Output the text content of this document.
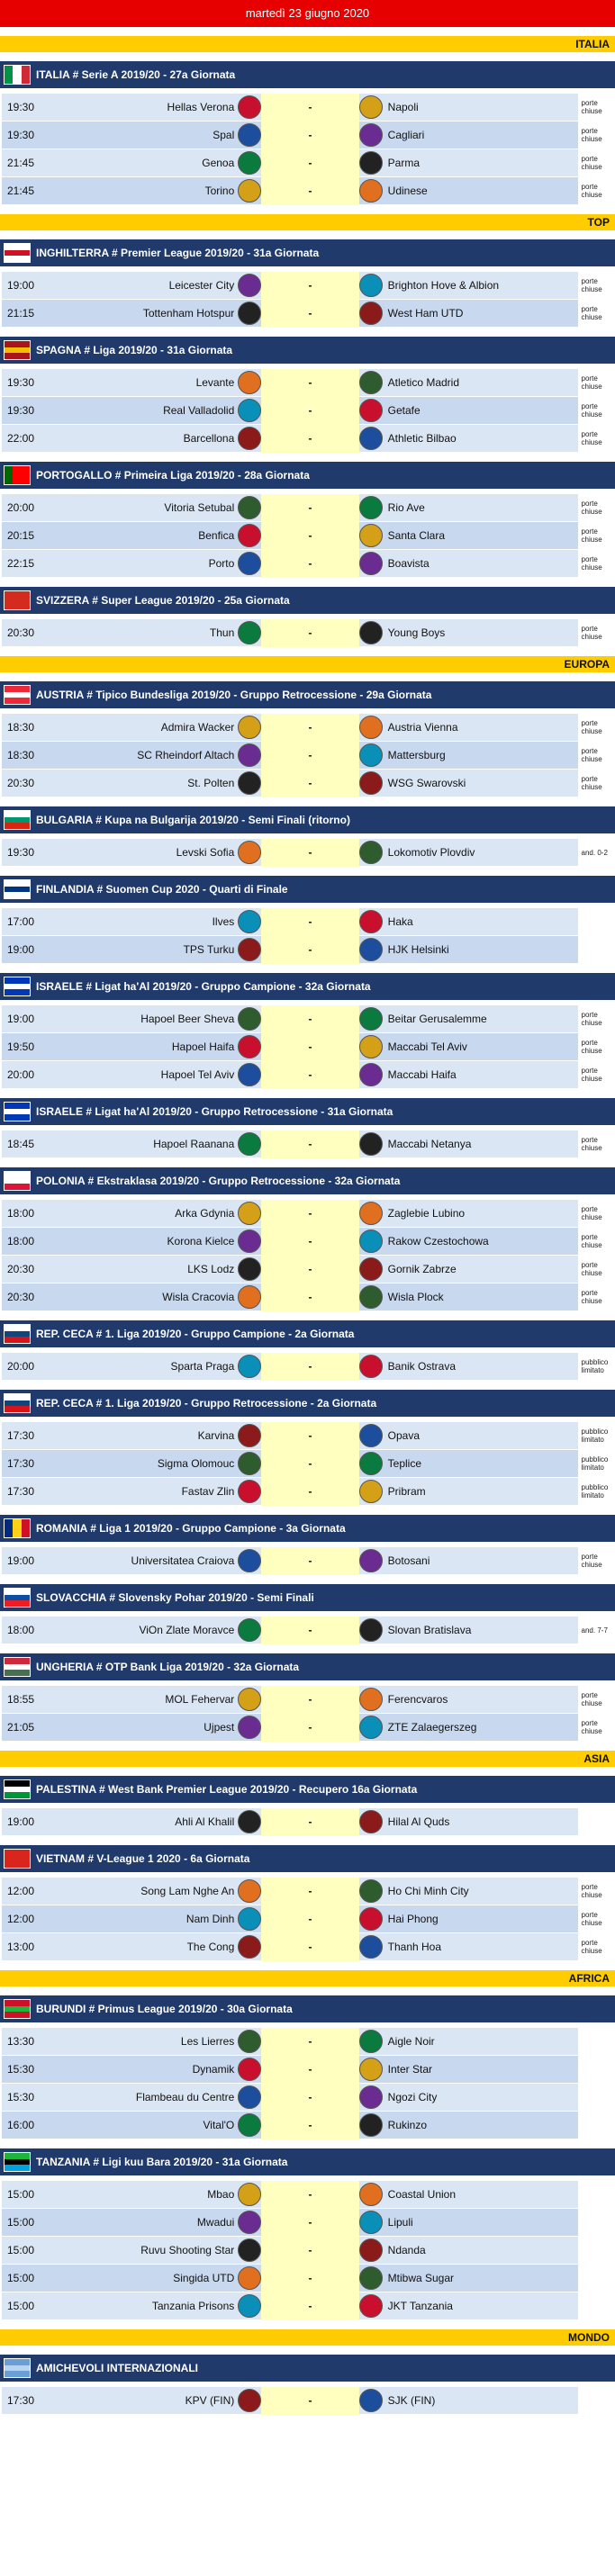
martedì 23 giugno 2020
ITALIA
ITALIA # Serie A 2019/20 - 27a Giornata
19:30	Hellas Verona	-	Napoli	porte chiuse
19:30	Spal	-	Cagliari	porte chiuse
21:45	Genoa	-	Parma	porte chiuse
21:45	Torino	-	Udinese	porte chiuse
TOP
INGHILTERRA # Premier League 2019/20 - 31a Giornata
19:00	Leicester City	-	Brighton Hove & Albion	porte chiuse
21:15	Tottenham Hotspur	-	West Ham UTD	porte chiuse
SPAGNA # Liga 2019/20 - 31a Giornata
19:30	Levante	-	Atletico Madrid	porte chiuse
19:30	Real Valladolid	-	Getafe	porte chiuse
22:00	Barcellona	-	Athletic Bilbao	porte chiuse
PORTOGALLO # Primeira Liga 2019/20 - 28a Giornata
20:00	Vitoria Setubal	-	Rio Ave	porte chiuse
20:15	Benfica	-	Santa Clara	porte chiuse
22:15	Porto	-	Boavista	porte chiuse
SVIZZERA # Super League 2019/20 - 25a Giornata
20:30	Thun	-	Young Boys	porte chiuse
EUROPA
AUSTRIA # Tipico Bundesliga 2019/20 - Gruppo Retrocessione - 29a Giornata
18:30	Admira Wacker	-	Austria Vienna	porte chiuse
18:30	SC Rheindorf Altach	-	Mattersburg	porte chiuse
20:30	St. Polten	-	WSG Swarovski	porte chiuse
BULGARIA # Kupa na Bulgarija 2019/20 - Semi Finali (ritorno)
19:30	Levski Sofia	-	Lokomotiv Plovdiv	and. 0-2
FINLANDIA # Suomen Cup 2020 - Quarti di Finale
17:00	Ilves	-	Haka
19:00	TPS Turku	-	HJK Helsinki
ISRAELE # Ligat ha'Al 2019/20 - Gruppo Campione - 32a Giornata
19:00	Hapoel Beer Sheva	-	Beitar Gerusalemme	porte chiuse
19:50	Hapoel Haifa	-	Maccabi Tel Aviv	porte chiuse
20:00	Hapoel Tel Aviv	-	Maccabi Haifa	porte chiuse
ISRAELE # Ligat ha'Al 2019/20 - Gruppo Retrocessione - 31a Giornata
18:45	Hapoel Raanana	-	Maccabi Netanya	porte chiuse
POLONIA # Ekstraklasa 2019/20 - Gruppo Retrocessione - 32a Giornata
18:00	Arka Gdynia	-	Zaglebie Lubino	porte chiuse
18:00	Korona Kielce	-	Rakow Czestochowa	porte chiuse
20:30	LKS Lodz	-	Gornik Zabrze	porte chiuse
20:30	Wisla Cracovia	-	Wisla Plock	porte chiuse
REP. CECA # 1. Liga 2019/20 - Gruppo Campione - 2a Giornata
20:00	Sparta Praga	-	Banik Ostrava	pubblico limitato
REP. CECA # 1. Liga 2019/20 - Gruppo Retrocessione - 2a Giornata
17:30	Karvina	-	Opava	pubblico limitato
17:30	Sigma Olomouc	-	Teplice	pubblico limitato
17:30	Fastav Zlin	-	Pribram	pubblico limitato
ROMANIA # Liga 1 2019/20 - Gruppo Campione - 3a Giornata
19:00	Universitatea Craiova	-	Botosani	porte chiuse
SLOVACCHIA # Slovensky Pohar 2019/20 - Semi Finali
18:00	ViOn Zlate Moravce	-	Slovan Bratislava	and. 7-7
UNGHERIA # OTP Bank Liga 2019/20 - 32a Giornata
18:55	MOL Fehervar	-	Ferencvaros	porte chiuse
21:05	Ujpest	-	ZTE Zalaegerszeg	porte chiuse
ASIA
PALESTINA # West Bank Premier League 2019/20 - Recupero 16a Giornata
19:00	Ahli Al Khalil	-	Hilal Al Quds
VIETNAM # V-League 1 2020 - 6a Giornata
12:00	Song Lam Nghe An	-	Ho Chi Minh City	porte chiuse
12:00	Nam Dinh	-	Hai Phong	porte chiuse
13:00	The Cong	-	Thanh Hoa	porte chiuse
AFRICA
BURUNDI # Primus League 2019/20 - 30a Giornata
13:30	Les Lierres	-	Aigle Noir
15:30	Dynamik	-	Inter Star
15:30	Flambeau du Centre	-	Ngozi City
16:00	Vital'O	-	Rukinzo
TANZANIA # Ligi kuu Bara 2019/20 - 31a Giornata
15:00	Mbao	-	Coastal Union
15:00	Mwadui	-	Lipuli
15:00	Ruvu Shooting Star	-	Ndanda
15:00	Singida UTD	-	Mtibwa Sugar
15:00	Tanzania Prisons	-	JKT Tanzania
MONDO
AMICHEVOLI INTERNAZIONALI
17:30	KPV (FIN)	-	SJK (FIN)
